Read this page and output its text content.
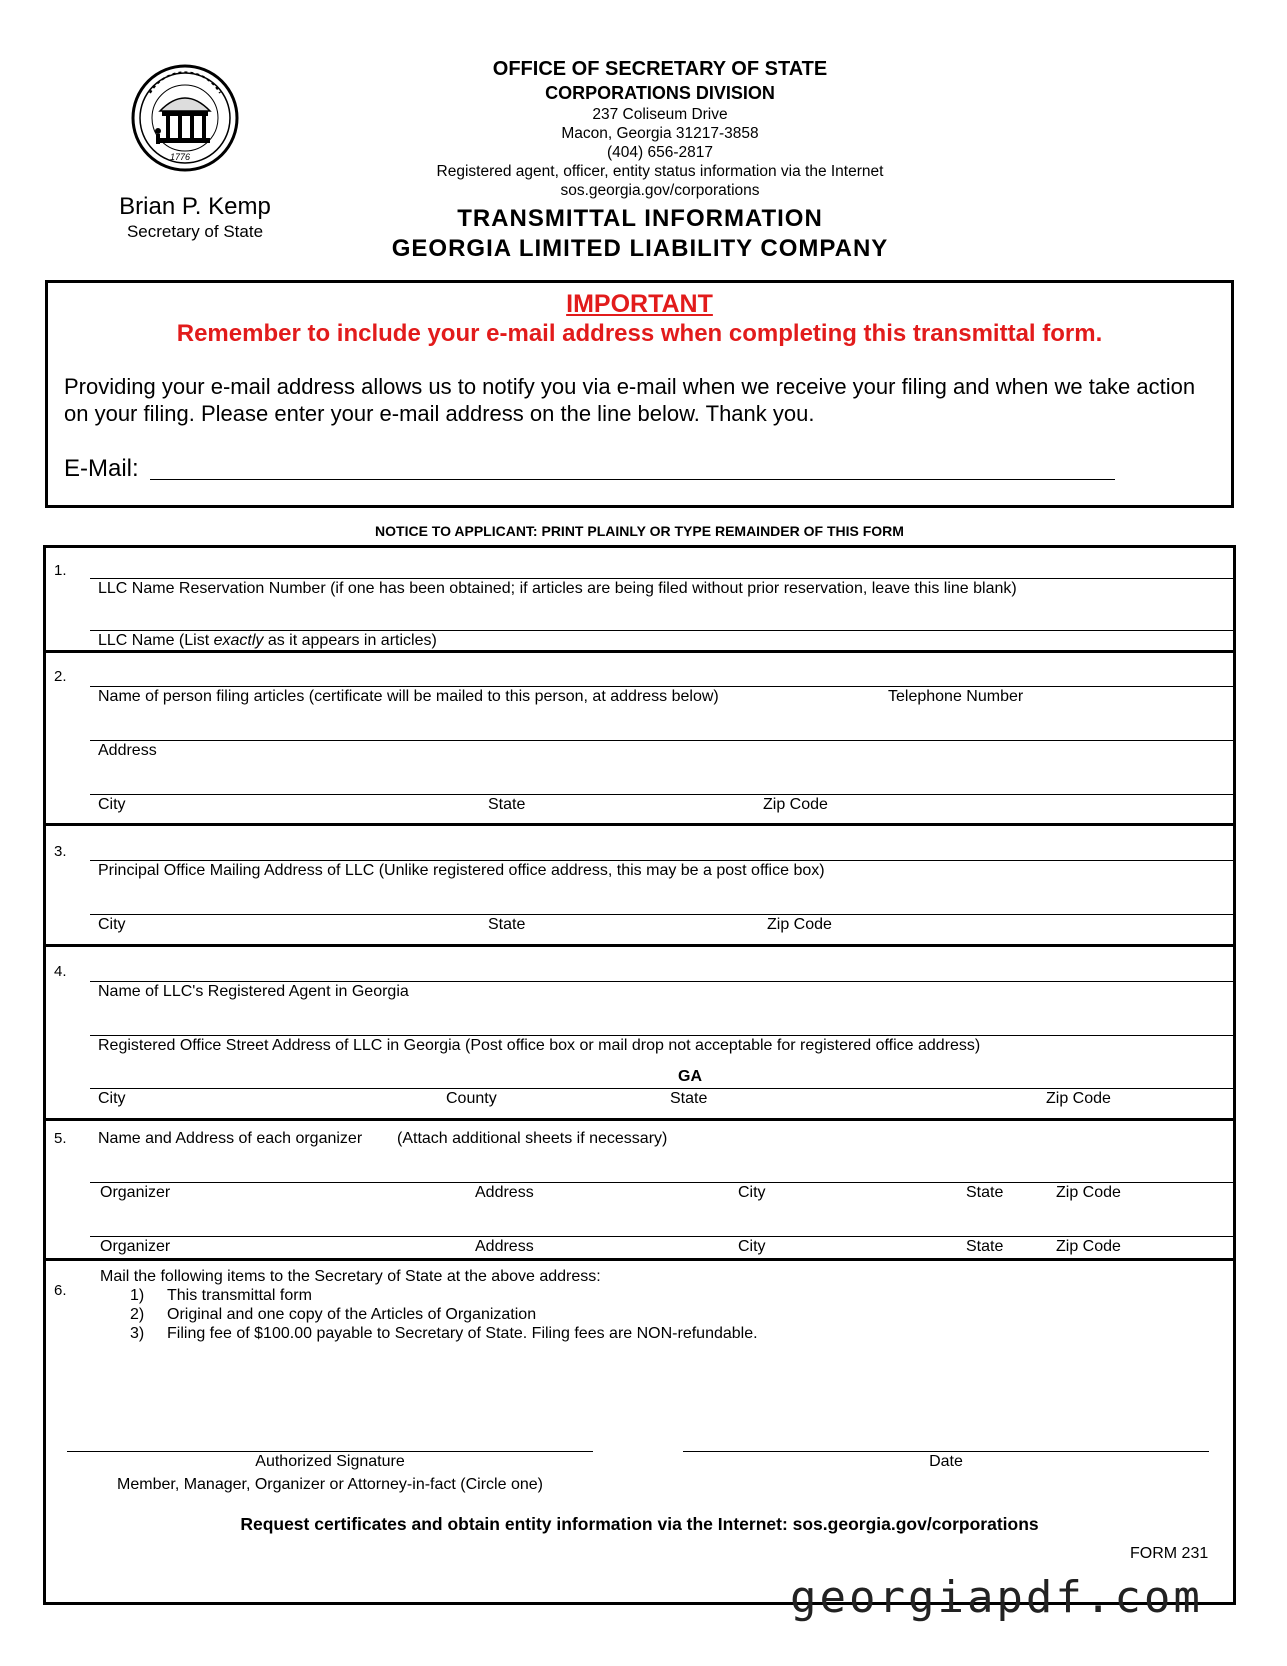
1776
Brian P. Kemp
Secretary of State
OFFICE OF SECRETARY OF STATE
CORPORATIONS DIVISION
237 Coliseum Drive
Macon, Georgia 31217-3858
(404) 656-2817
Registered agent, officer, entity status information via the Internet
sos.georgia.gov/corporations
TRANSMITTAL INFORMATION
GEORGIA LIMITED LIABILITY COMPANY
IMPORTANT
Remember to include your e-mail address when completing this transmittal form.
Providing your e-mail address allows us to notify you via e-mail when we receive your filing and when we take action on your filing. Please enter your e-mail address on the line below. Thank you.
E-Mail:
NOTICE TO APPLICANT: PRINT PLAINLY OR TYPE REMAINDER OF THIS FORM
1.
LLC Name Reservation Number (if one has been obtained; if articles are being filed without prior reservation, leave this line blank)
LLC Name (List exactly as it appears in articles)
2.
Name of person filing articles (certificate will be mailed to this person, at address below)	Telephone Number
Address
City	State	Zip Code
3.
Principal Office Mailing Address of LLC (Unlike registered office address, this may be a post office box)
City	State	Zip Code
4.
Name of LLC's Registered Agent in Georgia
Registered Office Street Address of LLC in Georgia (Post office box or mail drop not acceptable for registered office address)
GA
City	County	State	Zip Code
5. Name and Address of each organizer (Attach additional sheets if necessary)
Organizer	Address	City	State	Zip Code
Organizer	Address	City	State	Zip Code
6.
Mail the following items to the Secretary of State at the above address:
1) This transmittal form
2) Original and one copy of the Articles of Organization
3) Filing fee of $100.00 payable to Secretary of State. Filing fees are NON-refundable.
Authorized Signature
Member, Manager, Organizer or Attorney-in-fact (Circle one)
Date
Request certificates and obtain entity information via the Internet: sos.georgia.gov/corporations
FORM 231
georgiapdf.com
